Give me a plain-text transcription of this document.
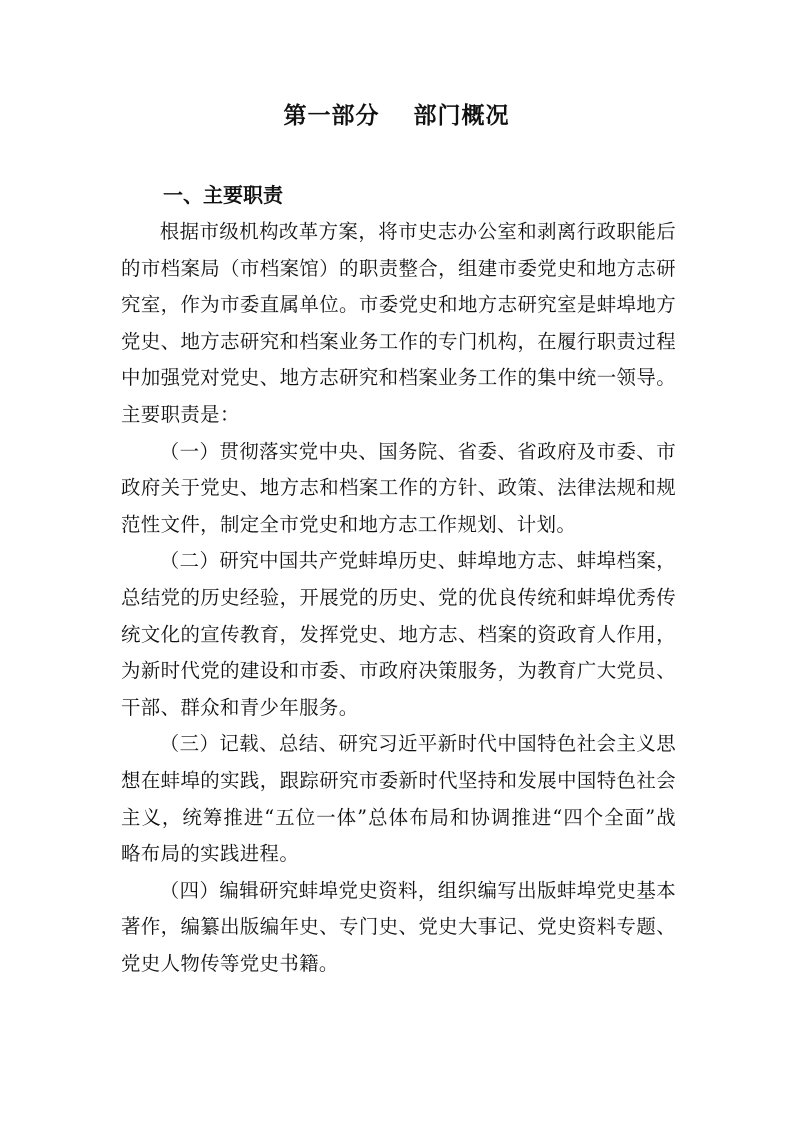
第一部分 部门概况
一、主要职责

根据市级机构改革方案，将市史志办公室和剥离行政职能后的市档案局（市档案馆）的职责整合，组建市委党史和地方志研究室，作为市委直属单位。市委党史和地方志研究室是蚌埠地方党史、地方志研究和档案业务工作的专门机构，在履行职责过程中加强党对党史、地方志研究和档案业务工作的集中统一领导。主要职责是：

（一）贯彻落实党中央、国务院、省委、省政府及市委、市政府关于党史、地方志和档案工作的方针、政策、法律法规和规范性文件，制定全市党史和地方志工作规划、计划。

（二）研究中国共产党蚌埠历史、蚌埠地方志、蚌埠档案，总结党的历史经验，开展党的历史、党的优良传统和蚌埠优秀传统文化的宣传教育，发挥党史、地方志、档案的资政育人作用，为新时代党的建设和市委、市政府决策服务，为教育广大党员、干部、群众和青少年服务。

（三）记载、总结、研究习近平新时代中国特色社会主义思想在蚌埠的实践，跟踪研究市委新时代坚持和发展中国特色社会主义，统筹推进“五位一体”总体布局和协调推进“四个全面”战略布局的实践进程。

（四）编辑研究蚌埠党史资料，组织编写出版蚌埠党史基本著作，编纂出版编年史、专门史、党史大事记、党史资料专题、党史人物传等党史书籍。
